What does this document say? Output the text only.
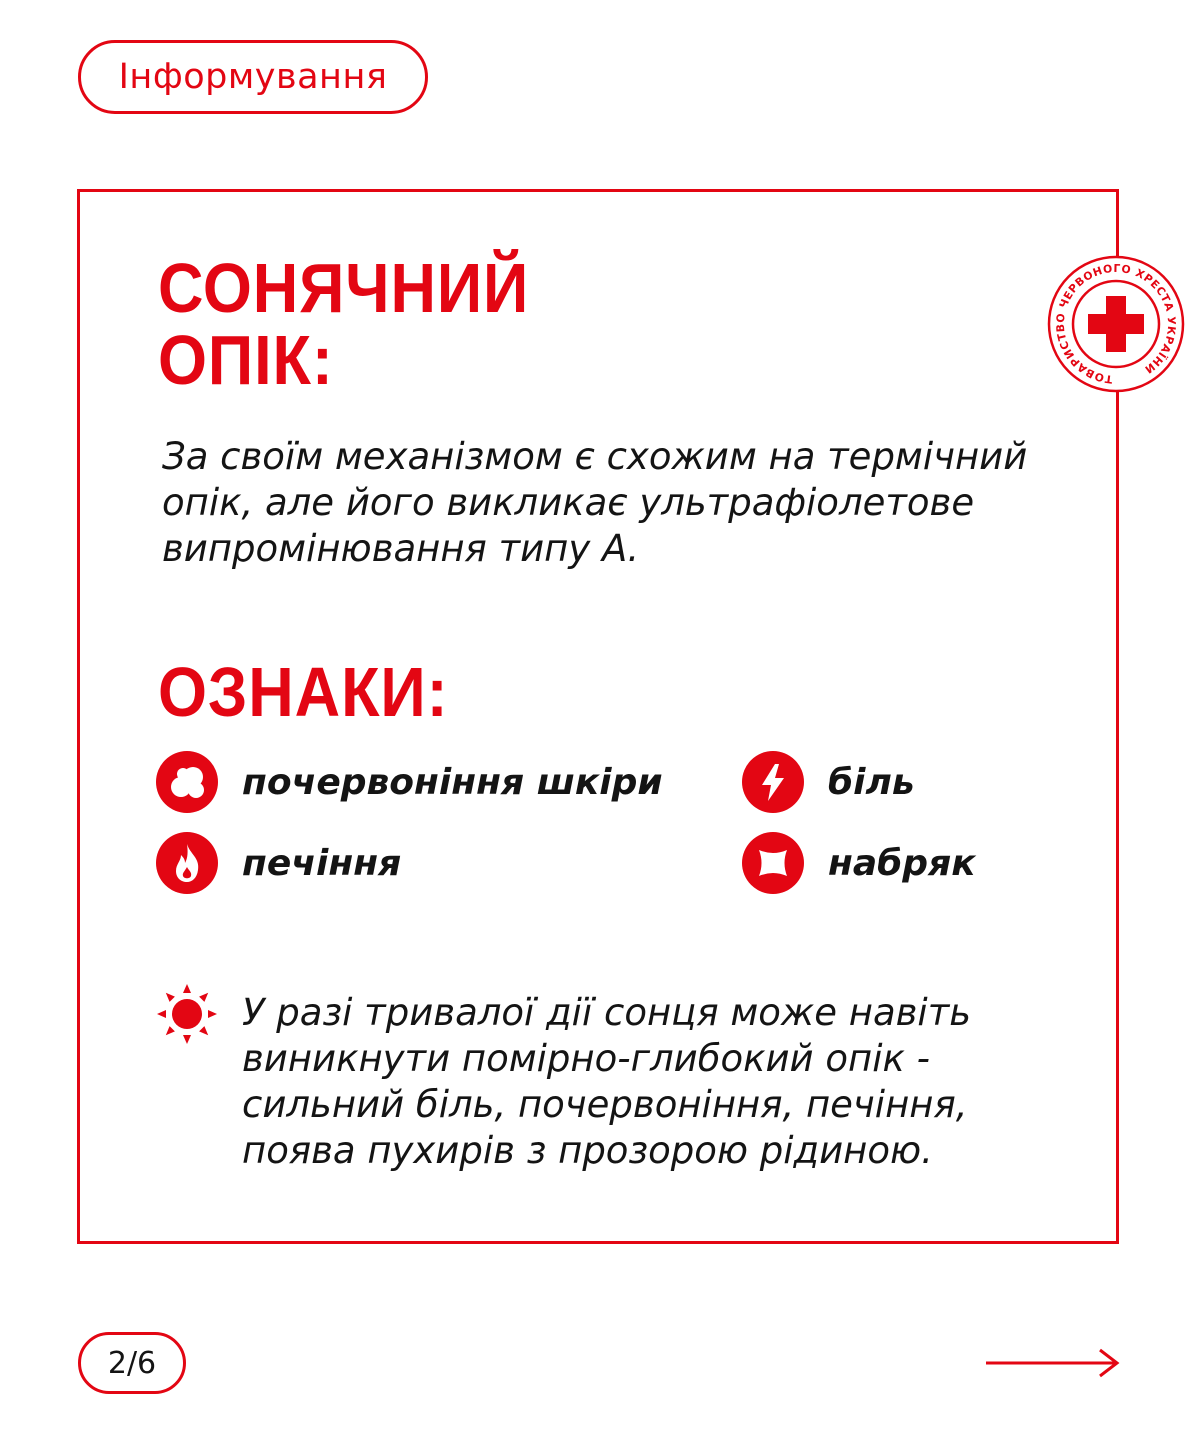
Інформування
ТОВАРИСТВО ЧЕРВОНОГО ХРЕСТА УКРАЇНИ
СОНЯЧНИЙ
ОПІК:

За своїм механізмом є схожим на термічний
опік, але його викликає ультрафіолетове
випромінювання типу А.

ОЗНАКИ:
почервоніння шкіри	біль
печіння	набряк

У разі тривалої дії сонця може навіть
виникнути помірно-глибокий опік -
сильний біль, почервоніння, печіння,
поява пухирів з прозорою рідиною.

2/6
